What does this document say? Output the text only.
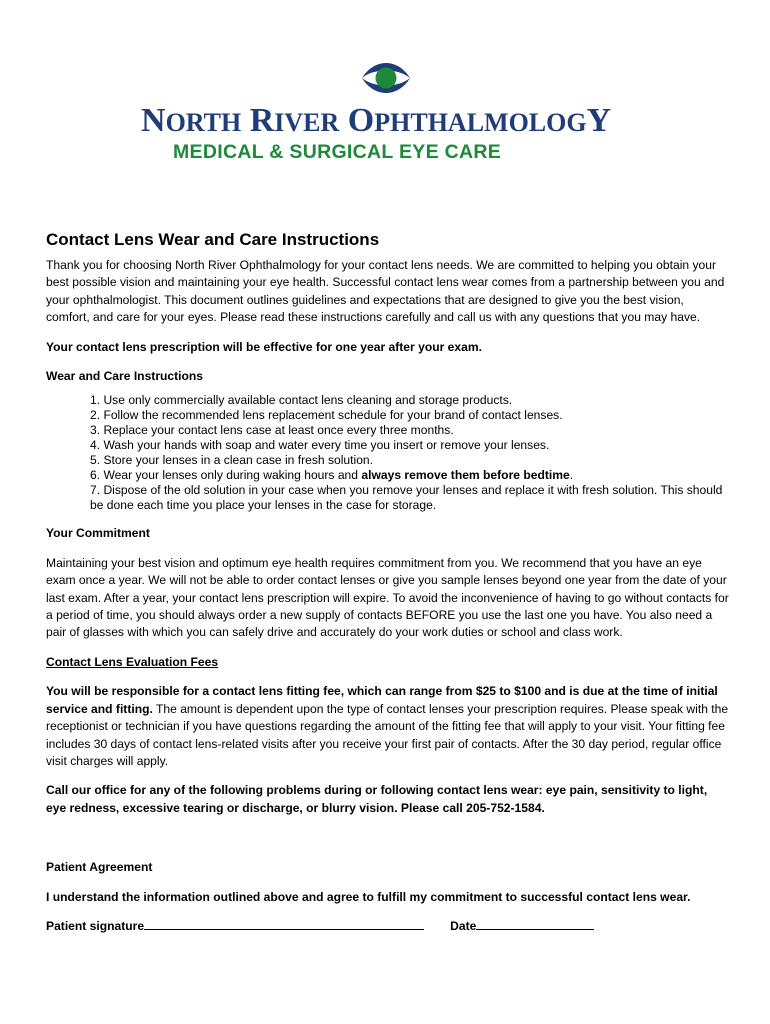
NORTH RIVER OPHTHALMOLOGY
MEDICAL & SURGICAL EYE CARE
Contact Lens Wear and Care Instructions

Thank you for choosing North River Ophthalmology for your contact lens needs. We are committed to helping you obtain your best possible vision and maintaining your eye health. Successful contact lens wear comes from a partnership between you and your ophthalmologist. This document outlines guidelines and expectations that are designed to give you the best vision, comfort, and care for your eyes. Please read these instructions carefully and call us with any questions that you may have.

Your contact lens prescription will be effective for one year after your exam.

Wear and Care Instructions

1. Use only commercially available contact lens cleaning and storage products.
2. Follow the recommended lens replacement schedule for your brand of contact lenses.
3. Replace your contact lens case at least once every three months.
4. Wash your hands with soap and water every time you insert or remove your lenses.
5. Store your lenses in a clean case in fresh solution.
6. Wear your lenses only during waking hours and always remove them before bedtime.
7. Dispose of the old solution in your case when you remove your lenses and replace it with fresh solution. This should be done each time you place your lenses in the case for storage.

Your Commitment

Maintaining your best vision and optimum eye health requires commitment from you. We recommend that you have an eye exam once a year. We will not be able to order contact lenses or give you sample lenses beyond one year from the date of your last exam. After a year, your contact lens prescription will expire. To avoid the inconvenience of having to go without contacts for a period of time, you should always order a new supply of contacts BEFORE you use the last one you have. You also need a pair of glasses with which you can safely drive and accurately do your work duties or school and class work.

Contact Lens Evaluation Fees

You will be responsible for a contact lens fitting fee, which can range from $25 to $100 and is due at the time of initial service and fitting. The amount is dependent upon the type of contact lenses your prescription requires. Please speak with the receptionist or technician if you have questions regarding the amount of the fitting fee that will apply to your visit. Your fitting fee includes 30 days of contact lens-related visits after you receive your first pair of contacts. After the 30 day period, regular office visit charges will apply.

Call our office for any of the following problems during or following contact lens wear: eye pain, sensitivity to light, eye redness, excessive tearing or discharge, or blurry vision. Please call 205-752-1584.

Patient Agreement

I understand the information outlined above and agree to fulfill my commitment to successful contact lens wear.

Patient signature	Date
